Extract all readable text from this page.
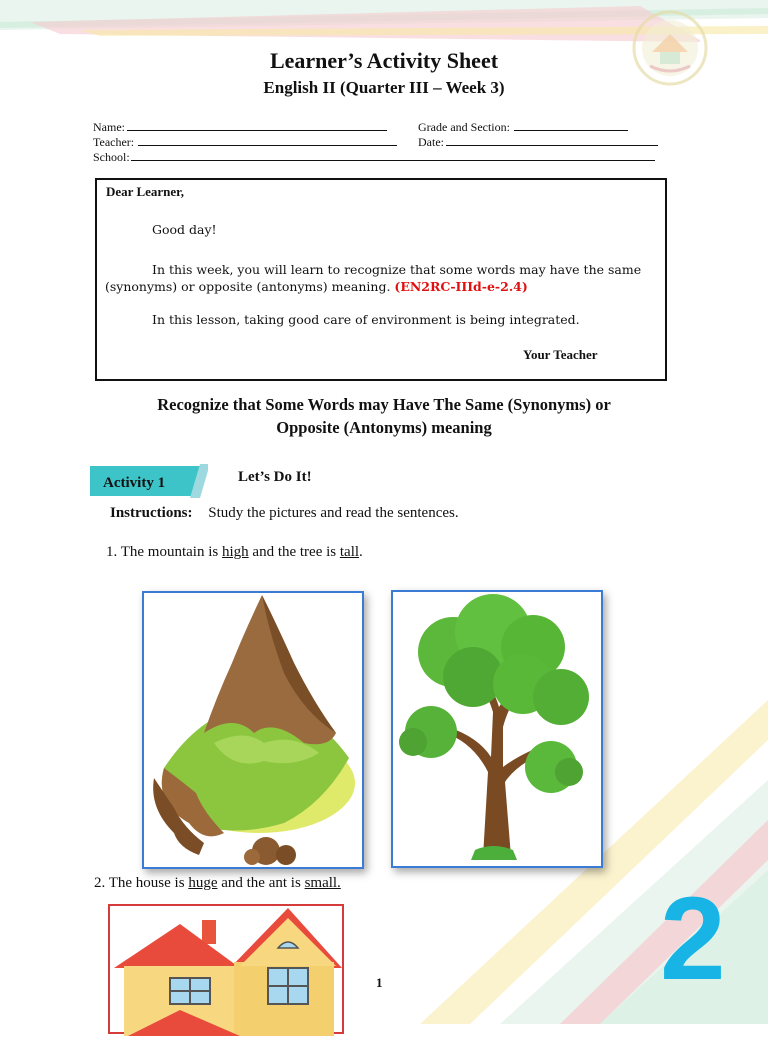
Learner’s Activity Sheet
English II (Quarter III – Week 3)
Name:	Grade and Section:
Teacher:	Date:
School:
Dear Learner,
Good day!
In this week, you will learn to recognize that some words may have the same (synonyms) or opposite (antonyms) meaning. (EN2RC-IIId-e-2.4)
In this lesson, taking good care of environment is being integrated.
Your Teacher
Recognize that Some Words may Have The Same (Synonyms) or
Opposite (Antonyms) meaning
Activity 1	Let’s Do It!
Instructions: Study the pictures and read the sentences.
1. The mountain is high and the tree is tall.
2. The house is huge and the ant is small.
1 2
